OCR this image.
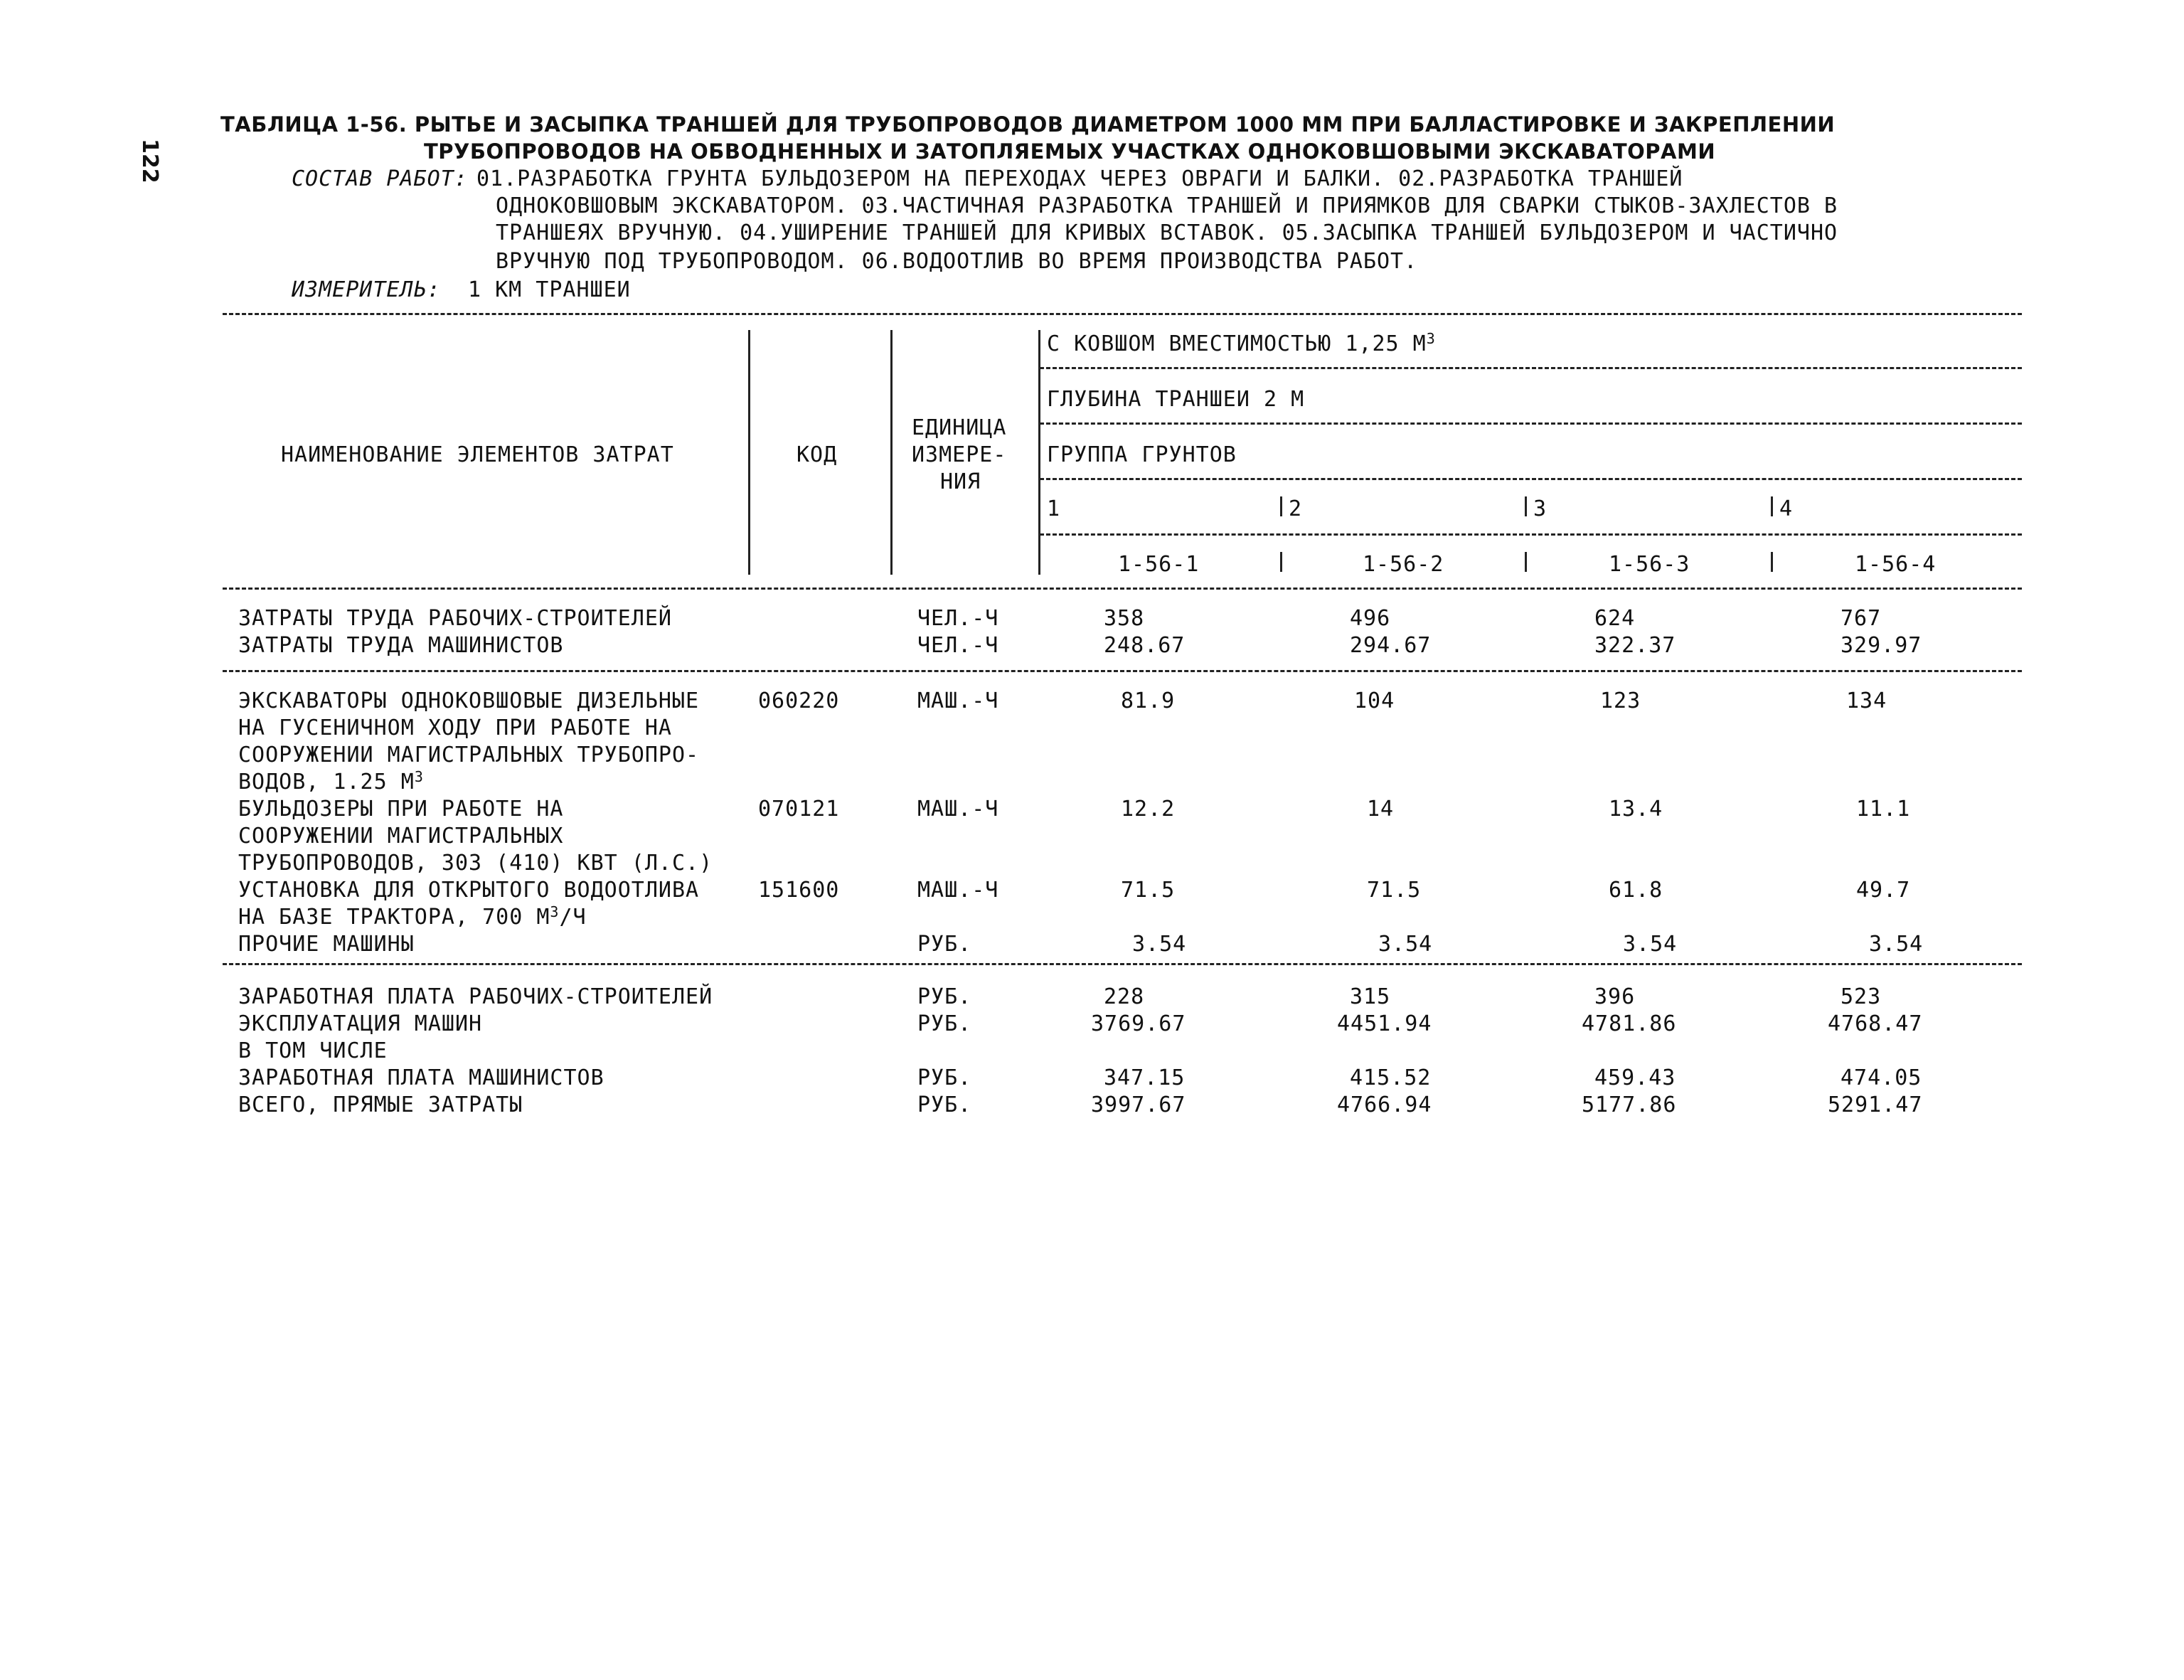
122
ТАБЛИЦА 1-56. РЫТЬЕ И ЗАСЫПКА ТРАНШЕЙ ДЛЯ ТРУБОПРОВОДОВ ДИАМЕТРОМ 1000 ММ ПРИ БАЛЛАСТИРОВКЕ И ЗАКРЕПЛЕНИИ
ТРУБОПРОВОДОВ НА ОБВОДНЕННЫХ И ЗАТОПЛЯЕМЫХ УЧАСТКАХ ОДНОКОВШОВЫМИ ЭКСКАВАТОРАМИ
СОСТАВ РАБОТ: 01.РАЗРАБОТКА ГРУНТА БУЛЬДОЗЕРОМ НА ПЕРЕХОДАХ ЧЕРЕЗ ОВРАГИ И БАЛКИ. 02.РАЗРАБОТКА ТРАНШЕЙ
ОДНОКОВШОВЫМ ЭКСКАВАТОРОМ. 03.ЧАСТИЧНАЯ РАЗРАБОТКА ТРАНШЕЙ И ПРИЯМКОВ ДЛЯ СВАРКИ СТЫКОВ-ЗАХЛЕСТОВ В
ТРАНШЕЯХ ВРУЧНУЮ. 04.УШИРЕНИЕ ТРАНШЕЙ ДЛЯ КРИВЫХ ВСТАВОК. 05.ЗАСЫПКА ТРАНШЕЙ БУЛЬДОЗЕРОМ И ЧАСТИЧНО
ВРУЧНУЮ ПОД ТРУБОПРОВОДОМ. 06.ВОДООТЛИВ ВО ВРЕМЯ ПРОИЗВОДСТВА РАБОТ.
ИЗМЕРИТЕЛЬ: 1 КМ ТРАНШЕИ
НАИМЕНОВАНИЕ ЭЛЕМЕНТОВ ЗАТРАТ	КОД
ЕДИНИЦА
ИЗМЕРЕ-
НИЯ
С КОВШОМ ВМЕСТИМОСТЬЮ 1,25 $М^3$
ГЛУБИНА ТРАНШЕИ 2 М
ГРУППА ГРУНТОВ
1	2	3	4
1-56-1	1-56-2	1-56-3	1-56-4
ЗАТРАТЫ ТРУДА РАБОЧИХ-СТРОИТЕЛЕЙ	ЧЕЛ.-Ч	358	496	624	767
ЗАТРАТЫ ТРУДА МАШИНИСТОВ	ЧЕЛ.-Ч	248.67	294.67	322.37	329.97
ЭКСКАВАТОРЫ ОДНОКОВШОВЫЕ ДИЗЕЛЬНЫЕ
НА ГУСЕНИЧНОМ ХОДУ ПРИ РАБОТЕ НА
СООРУЖЕНИИ МАГИСТРАЛЬНЫХ ТРУБОПРО-
ВОДОВ, 1.25 $М^3$
060220	МАШ.-Ч	81.9	104	123	134
БУЛЬДОЗЕРЫ ПРИ РАБОТЕ НА
СООРУЖЕНИИ МАГИСТРАЛЬНЫХ
ТРУБОПРОВОДОВ, 303 (410) КВТ (Л.С.)
070121	МАШ.-Ч	12.2	14	13.4	11.1
УСТАНОВКА ДЛЯ ОТКРЫТОГО ВОДООТЛИВА
НА БАЗЕ ТРАКТОРА, 700 $М^3/Ч$
151600	МАШ.-Ч	71.5	71.5	61.8	49.7
ПРОЧИЕ МАШИНЫ	РУБ.	3.54	3.54	3.54	3.54
ЗАРАБОТНАЯ ПЛАТА РАБОЧИХ-СТРОИТЕЛЕЙ	РУБ.	228	315	396	523
ЭКСПЛУАТАЦИЯ МАШИН	РУБ.	3769.67	4451.94	4781.86	4768.47
В ТОМ ЧИСЛЕ
ЗАРАБОТНАЯ ПЛАТА МАШИНИСТОВ	РУБ.	347.15	415.52	459.43	474.05
ВСЕГО, ПРЯМЫЕ ЗАТРАТЫ	РУБ.	3997.67	4766.94	5177.86	5291.47
